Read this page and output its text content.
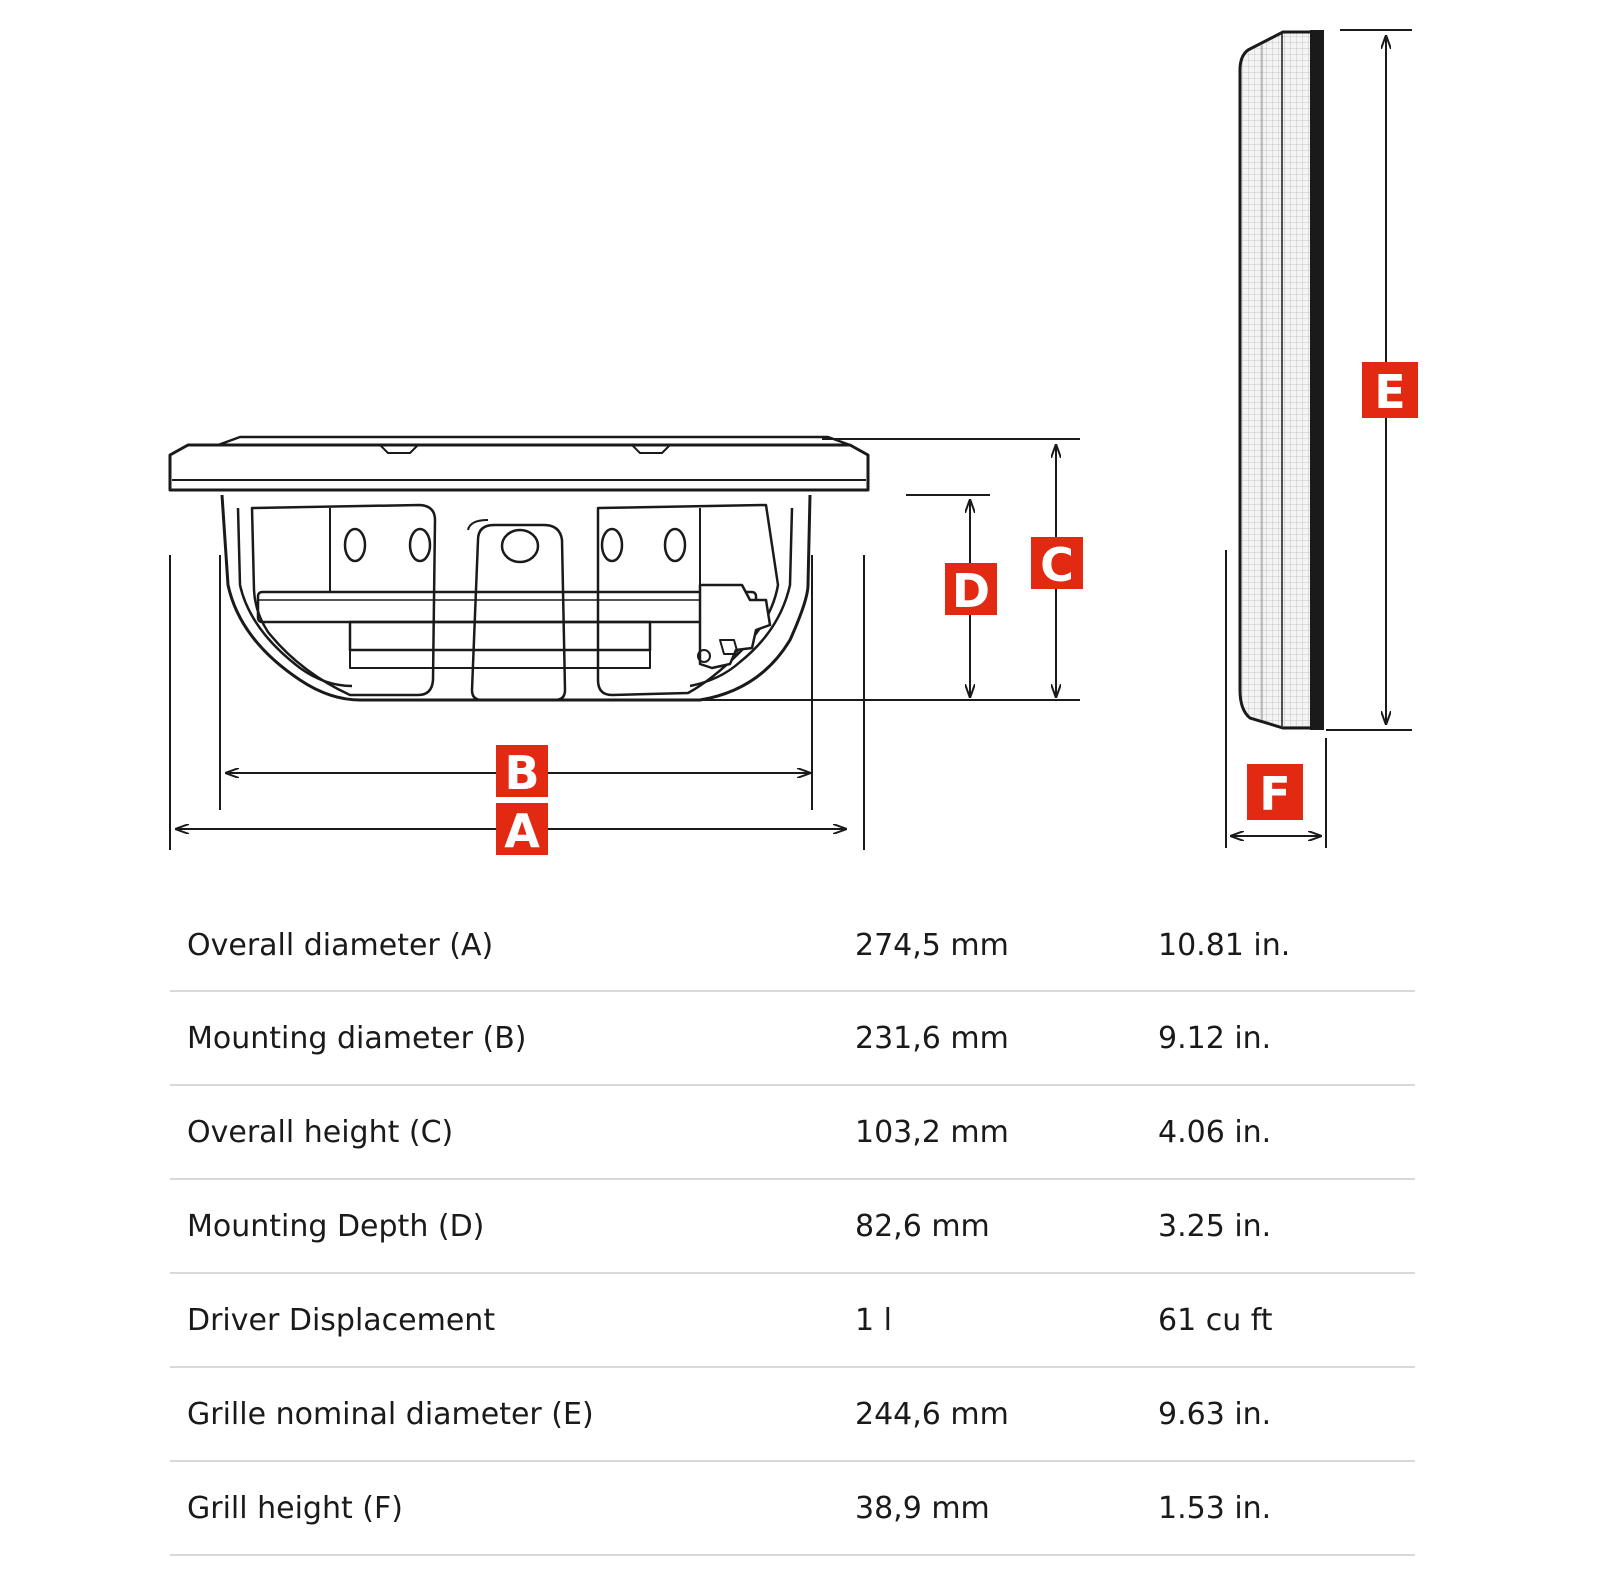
B
A
D C
E
F
Overall diameter (A)	274,5 mm	10.81 in.
Mounting diameter (B)	231,6 mm	9.12 in.
Overall height (C)	103,2 mm	4.06 in.
Mounting Depth (D)	82,6 mm	3.25 in.
Driver Displacement	1 l	61 cu ft
Grille nominal diameter (E)	244,6 mm	9.63 in.
Grill height (F)	38,9 mm	1.53 in.
